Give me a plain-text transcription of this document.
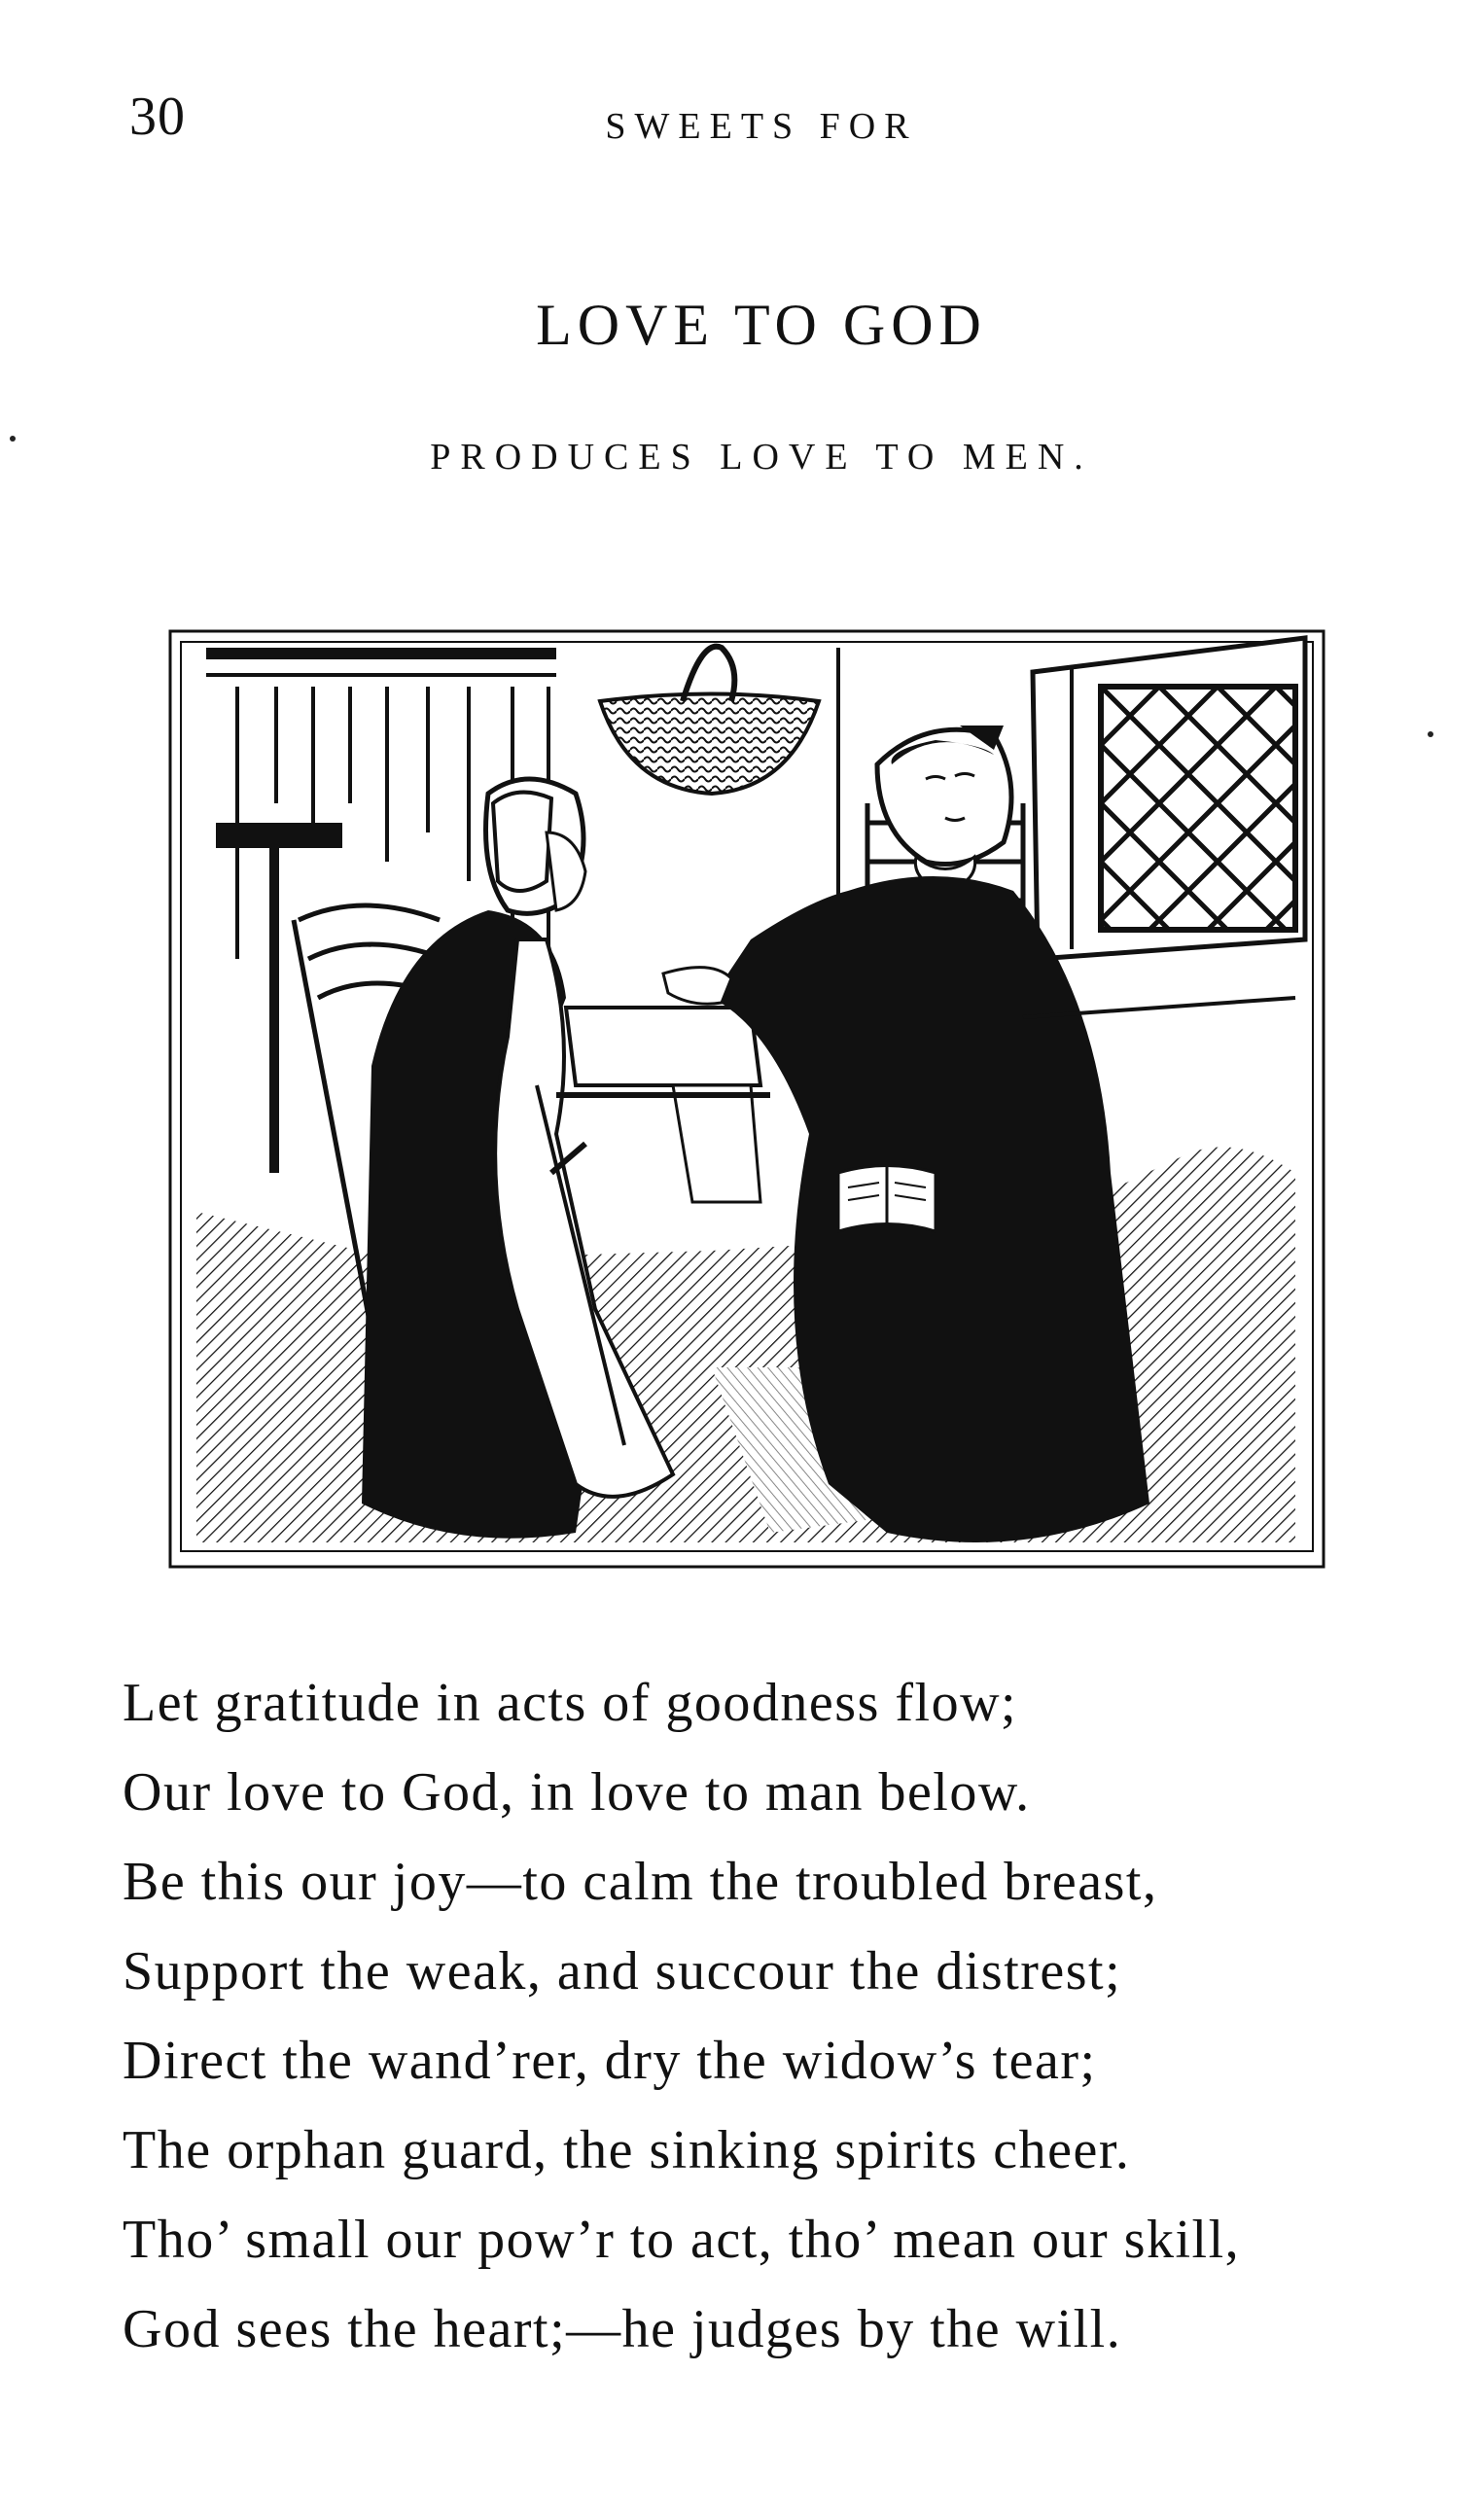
30	SWEETS FOR
LOVE TO GOD
PRODUCES LOVE TO MEN.
Let gratitude in acts of goodness flow;
Our love to God, in love to man below.
Be this our joy—to calm the troubled breast,
Support the weak, and succour the distrest;
Direct the wand’rer, dry the widow’s tear;
The orphan guard, the sinking spirits cheer.
Tho’ small our pow’r to act, tho’ mean our skill,
God sees the heart;—he judges by the will.
